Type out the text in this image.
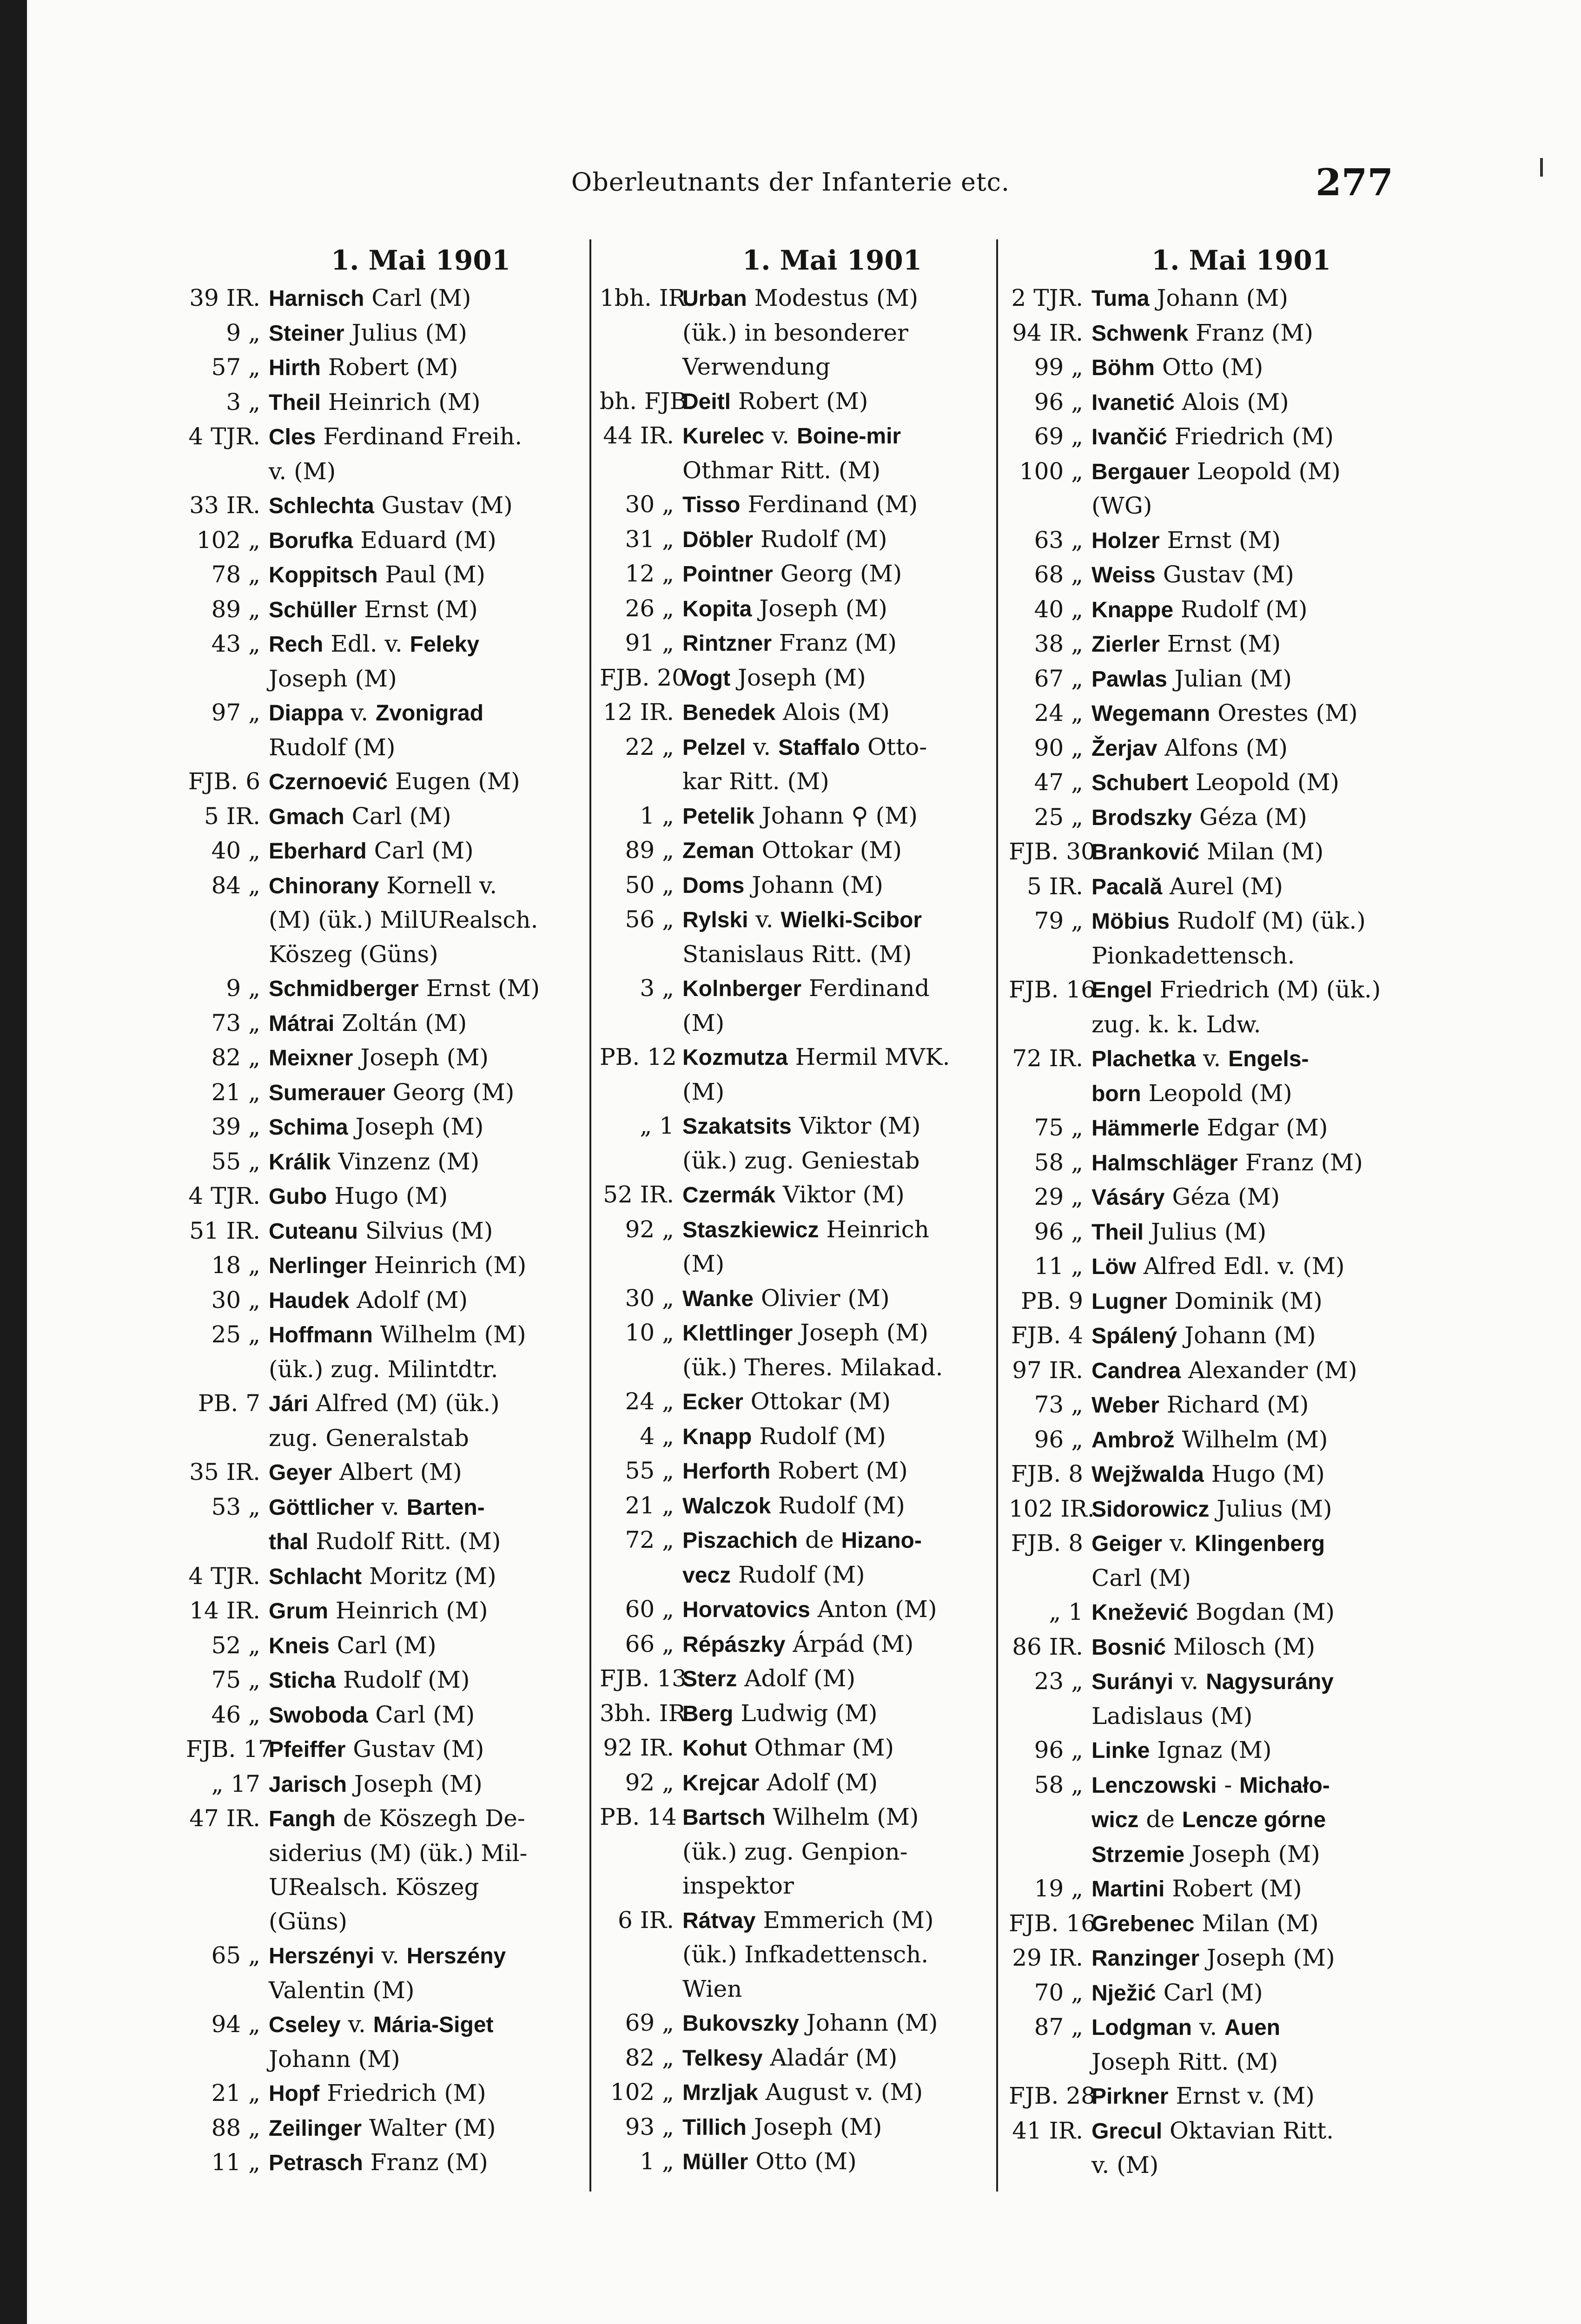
Oberleutnants der Infanterie etc.	277
1. Mai 1901
39 IR. Harnisch Carl (M)
9 „ Steiner Julius (M)
57 „ Hirth Robert (M)
3 „ Theil Heinrich (M)
4 TJR. Cles Ferdinand Freih.
v. (M)
33 IR. Schlechta Gustav (M)
102 „ Borufka Eduard (M)
78 „ Koppitsch Paul (M)
89 „ Schüller Ernst (M)
43 „ Rech Edl. v. Feleky
Joseph (M)
97 „ Diappa v. Zvonigrad
Rudolf (M)
FJB. 6 Czernoević Eugen (M)
5 IR. Gmach Carl (M)
40 „ Eberhard Carl (M)
84 „ Chinorany Kornell v.
(M) (ük.) MilURealsch.
Köszeg (Güns)
9 „ Schmidberger Ernst (M)
73 „ Mátrai Zoltán (M)
82 „ Meixner Joseph (M)
21 „ Sumerauer Georg (M)
39 „ Schima Joseph (M)
55 „ Králik Vinzenz (M)
4 TJR. Gubo Hugo (M)
51 IR. Cuteanu Silvius (M)
18 „ Nerlinger Heinrich (M)
30 „ Haudek Adolf (M)
25 „ Hoffmann Wilhelm (M)
(ük.) zug. Milintdtr.
PB. 7 Jári Alfred (M) (ük.)
zug. Generalstab
35 IR. Geyer Albert (M)
53 „ Göttlicher v. Barten-
thal Rudolf Ritt. (M)
4 TJR. Schlacht Moritz (M)
14 IR. Grum Heinrich (M)
52 „ Kneis Carl (M)
75 „ Sticha Rudolf (M)
46 „ Swoboda Carl (M)
FJB. 17
Pfeiffer Gustav (M)
„ 17 Jarisch Joseph (M)
47 IR. Fangh de Köszegh De-
siderius (M) (ük.) Mil-
URealsch. Köszeg
(Güns)
65 „ Herszényi v. Herszény
Valentin (M)
94 „ Cseley v. Mária-Siget
Johann (M)
21 „ Hopf Friedrich (M)
88 „ Zeilinger Walter (M)
11 „ Petrasch Franz (M)
1. Mai 1901
1bh. IR.
Urban Modestus (M)
(ük.) in besonderer
Verwendung
bh. FJB.
Deitl Robert (M)
44 IR. Kurelec v. Boine-mir
Othmar Ritt. (M)
30 „ Tisso Ferdinand (M)
31 „ Döbler Rudolf (M)
12 „ Pointner Georg (M)
26 „ Kopita Joseph (M)
91 „ Rintzner Franz (M)
FJB. 20
Vogt Joseph (M)
12 IR. Benedek Alois (M)
22 „ Pelzel v. Staffalo Otto-
kar Ritt. (M)
1 „ Petelik Johann ⚲ (M)
89 „ Zeman Ottokar (M)
50 „ Doms Johann (M)
56 „ Rylski v. Wielki-Scibor
Stanislaus Ritt. (M)
3 „ Kolnberger Ferdinand
(M)
PB. 12 Kozmutza Hermil MVK.
(M)
„ 1 Szakatsits Viktor (M)
(ük.) zug. Geniestab
52 IR. Czermák Viktor (M)
92 „ Staszkiewicz Heinrich
(M)
30 „ Wanke Olivier (M)
10 „ Klettlinger Joseph (M)
(ük.) Theres. Milakad.
24 „ Ecker Ottokar (M)
4 „ Knapp Rudolf (M)
55 „ Herforth Robert (M)
21 „ Walczok Rudolf (M)
72 „ Piszachich de Hizano-
vecz Rudolf (M)
60 „ Horvatovics Anton (M)
66 „ Répászky Árpád (M)
FJB. 13
Sterz Adolf (M)
3bh. IR.
Berg Ludwig (M)
92 IR. Kohut Othmar (M)
92 „ Krejcar Adolf (M)
PB. 14 Bartsch Wilhelm (M)
(ük.) zug. Genpion-
inspektor
6 IR. Rátvay Emmerich (M)
(ük.) Infkadettensch.
Wien
69 „ Bukovszky Johann (M)
82 „ Telkesy Aladár (M)
102 „ Mrzljak August v. (M)
93 „ Tillich Joseph (M)
1 „ Müller Otto (M)
1. Mai 1901
2 TJR. Tuma Johann (M)
94 IR. Schwenk Franz (M)
99 „ Böhm Otto (M)
96 „ Ivanetić Alois (M)
69 „ Ivančić Friedrich (M)
100 „ Bergauer Leopold (M)
(WG)
63 „ Holzer Ernst (M)
68 „ Weiss Gustav (M)
40 „ Knappe Rudolf (M)
38 „ Zierler Ernst (M)
67 „ Pawlas Julian (M)
24 „ Wegemann Orestes (M)
90 „ Žerjav Alfons (M)
47 „ Schubert Leopold (M)
25 „ Brodszky Géza (M)
FJB. 30
Branković Milan (M)
5 IR. Pacală Aurel (M)
79 „ Möbius Rudolf (M) (ük.)
Pionkadettensch.
FJB. 16
Engel Friedrich (M) (ük.)
zug. k. k. Ldw.
72 IR. Plachetka v. Engels-
born Leopold (M)
75 „ Hämmerle Edgar (M)
58 „ Halmschläger Franz (M)
29 „ Vásáry Géza (M)
96 „ Theil Julius (M)
11 „ Löw Alfred Edl. v. (M)
PB. 9 Lugner Dominik (M)
FJB. 4 Spálený Johann (M)
97 IR. Candrea Alexander (M)
73 „ Weber Richard (M)
96 „ Ambrož Wilhelm (M)
FJB. 8 Wejžwalda Hugo (M)
102 IR.
Sidorowicz Julius (M)
FJB. 8 Geiger v. Klingenberg
Carl (M)
„ 1 Knežević Bogdan (M)
86 IR. Bosnić Milosch (M)
23 „ Surányi v. Nagysurány
Ladislaus (M)
96 „ Linke Ignaz (M)
58 „ Lenczowski - Michało-
wicz de Lencze górne
Strzemie Joseph (M)
19 „ Martini Robert (M)
FJB. 16
Grebenec Milan (M)
29 IR. Ranzinger Joseph (M)
70 „ Nježić Carl (M)
87 „ Lodgman v. Auen
Joseph Ritt. (M)
FJB. 28
Pirkner Ernst v. (M)
41 IR. Grecul Oktavian Ritt.
v. (M)
